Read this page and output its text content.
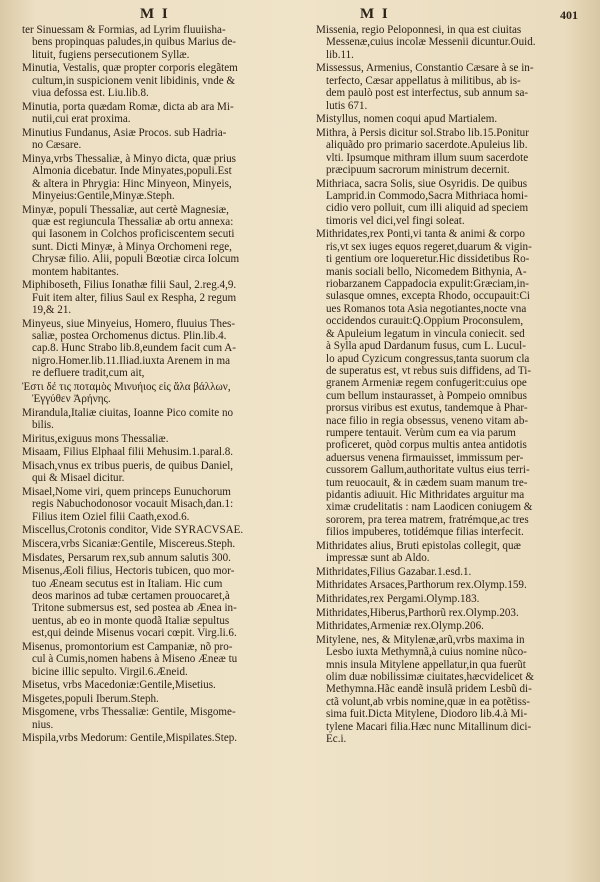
M I	M I	401
ter Sinuessam & Formias, ad Lyrim fluuiisha-
bens propinquas paludes,in quibus Marius de-
lituit, fugiens persecutionem Syllæ.
Minutia, Vestalis, quæ propter corporis elegãtem
cultum,in suspicionem venit libidinis, vnde &
viua defossa est. Liu.lib.8.
Minutia, porta quædam Romæ, dicta ab ara Mi-
nutii,cui erat proxima.
Minutius Fundanus, Asiæ Procos. sub Hadria-
no Cæsare.
Minya,vrbs Thessaliæ, à Minyo dicta, quæ prius
Almonia dicebatur. Inde Minyates,populi.Est
& altera in Phrygia: Hinc Minyeon, Minyeis,
Minyeius:Gentile,Minyæ.Steph.
Minyæ, populi Thessaliæ, aut certè Magnesiæ,
quæ est regiuncula Thessaliæ ab ortu annexa:
qui Iasonem in Colchos proficiscentem secuti
sunt. Dicti Minyæ, à Minya Orchomeni rege,
Chrysæ filio. Alii, populi Bœotiæ circa Iolcum
montem habitantes.
Miphiboseth, Filius Ionathæ filii Saul, 2.reg.4,9.
Fuit item alter, filius Saul ex Respha, 2 regum
19,& 21.
Minyeus, siue Minyeius, Homero, fluuius Thes-
saliæ, postea Orchomenus dictus. Plin.lib.4.
cap.8. Hunc Strabo lib.8,eundem facit cum A-
nigro.Homer.lib.11.Iliad.iuxta Arenem in ma
re defluere tradit,cum ait,
Ἐστι δέ τις ποταμὸς Μινυήιος εἰς ἅλα βάλλων,
Ἐγγύθεν Ἀρήνης.
Mirandula,Italiæ ciuitas, Ioanne Pico comite no
bilis.
Miritus,exiguus mons Thessaliæ.
Misaam, Filius Elphaal filii Mehusim.1.paral.8.
Misach,vnus ex tribus pueris, de quibus Daniel,
qui & Misael dicitur.
Misael,Nome viri, quem princeps Eunuchorum
regis Nabuchodonosor vocauit Misach,dan.1:
Filius item Oziel filii Caath,exod.6.
Miscellus,Crotonis conditor, Vide SYRACVSAE.
Miscera,vrbs Sicaniæ:Gentile, Miscereus.Steph.
Misdates, Persarum rex,sub annum salutis 300.
Misenus,Æoli filius, Hectoris tubicen, quo mor-
tuo Æneam secutus est in Italiam. Hic cum
deos marinos ad tubæ certamen prouocaret,à
Tritone submersus est, sed postea ab Ænea in-
uentus, ab eo in monte quodã Italiæ sepultus
est,qui deinde Misenus vocari cœpit. Virg.li.6.
Misenus, promontorium est Campaniæ, nõ pro-
cul à Cumis,nomen habens à Miseno Æneæ tu
bicine illic sepulto. Virgil.6.Æneid.
Misetus, vrbs Macedoniæ:Gentile,Misetius.
Misgetes,populi Iberum.Steph.
Misgomene, vrbs Thessaliæ: Gentile, Misgome-
nius.
Mispila,vrbs Medorum: Gentile,Mispilates.Step.
Missenia, regio Peloponnesi, in qua est ciuitas
Messenæ,cuius incolæ Messenii dicuntur.Ouid.
lib.11.
Missessus, Armenius, Constantio Cæsare à se in-
terfecto, Cæsar appellatus à militibus, ab is-
dem paulò post est interfectus, sub annum sa-
lutis 671.
Mistyllus, nomen coqui apud Martialem.
Mithra, à Persis dicitur sol.Strabo lib.15.Ponitur
aliquãdo pro primario sacerdote.Apuleius lib.
vlti. Ipsumque mithram illum suum sacerdote
præcipuum sacrorum ministrum decernit.
Mithriaca, sacra Solis, siue Osyridis. De quibus
Lamprid.in Commodo,Sacra Mithriaca homi-
cidio vero polluit, cum illi aliquid ad speciem
timoris vel dici,vel fingi soleat.
Mithridates,rex Ponti,vi tanta & animi & corpo
ris,vt sex iuges equos regeret,duarum & vigin-
ti gentium ore loqueretur.Hic dissidetibus Ro-
manis sociali bello, Nicomedem Bithynia, A-
riobarzanem Cappadocia expulit:Græciam,in-
sulasque omnes, excepta Rhodo, occupauit:Ci
ues Romanos tota Asia negotiantes,nocte vna
occidendos curauit:Q.Oppium Proconsulem,
& Apuleium legatum in vincula coniecit. sed
à Sylla apud Dardanum fusus, cum L. Lucul-
lo apud Cyzicum congressus,tanta suorum cla
de superatus est, vt rebus suis diffidens, ad Ti-
granem Armeniæ regem confugerit:cuius ope
cum bellum instaurasset, à Pompeio omnibus
prorsus viribus est exutus, tandemque à Phar-
nace filio in regia obsessus, veneno vitam ab-
rumpere tentauit. Verùm cum ea via parum
proficeret, quòd corpus multis antea antidotis
aduersus venena firmauisset, immissum per-
cussorem Gallum,authoritate vultus eius terri-
tum reuocauit, & in cædem suam manum tre-
pidantis adiuuit. Hic Mithridates arguitur ma
ximæ crudelitatis : nam Laodicen coniugem &
sororem, pra terea matrem, fratrémque,ac tres
filios impuberes, totidémque filias interfecit.
Mithridates alius, Bruti epistolas collegit, quæ
impressæ sunt ab Aldo.
Mithridates,Filius Gazabar.1.esd.1.
Mithridates Arsaces,Parthorum rex.Olymp.159.
Mithridates,rex Pergami.Olymp.183.
Mithridates,Hiberus,Parthorũ rex.Olymp.203.
Mithridates,Armeniæ rex.Olymp.206.
Mitylene, nes, & Mitylenæ,arũ,vrbs maxima in
Lesbo iuxta Methymnã,à cuius nomine nũco-
mnis insula Mitylene appellatur,in qua fuerũt
olim duæ nobilissimæ ciuitates,hæcvidelicet &
Methymna.Hãc eandẽ insulã pridem Lesbũ di-
ctã volunt,ab vrbis nomine,quæ in ea potẽtiss-
sima fuit.Dicta Mitylene, Diodoro lib.4.à Mi-
tylene Macari filia.Hæc nunc Mitallinum dici-
Ec.i.
